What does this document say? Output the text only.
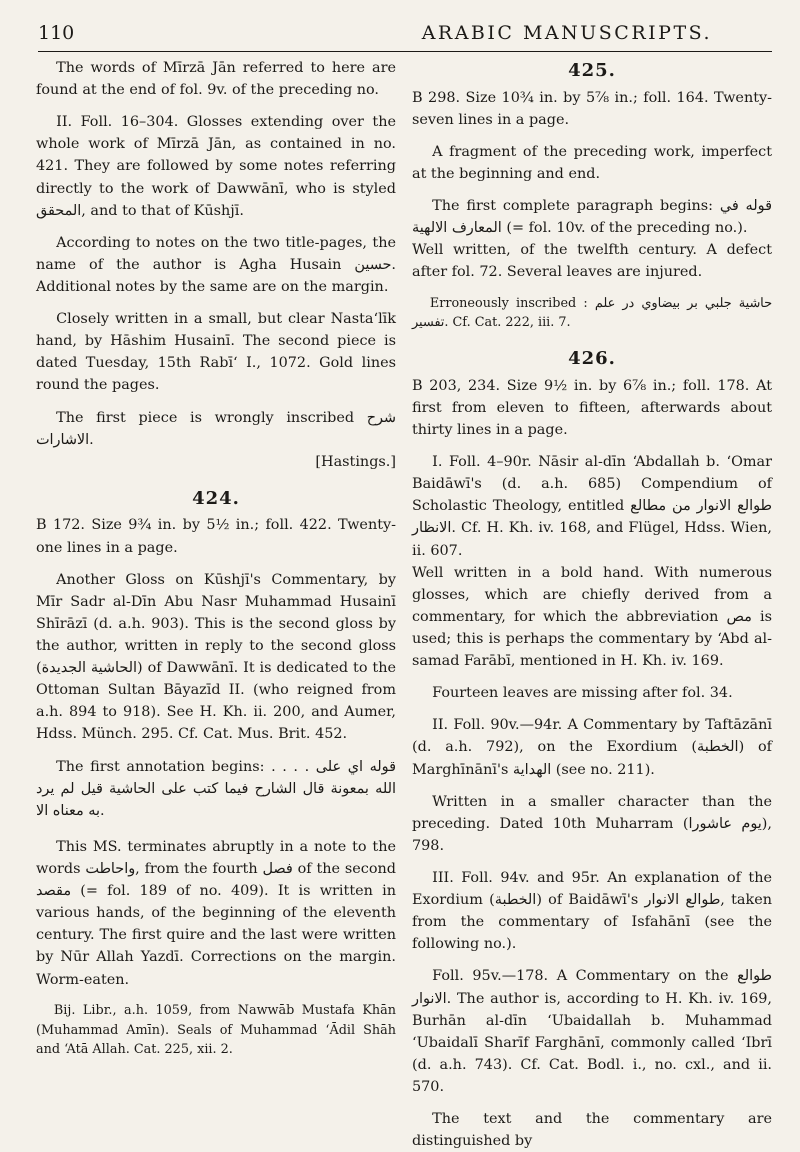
110	ARABIC MANUSCRIPTS.

The words of Mīrzā Jān referred to here are found at the end of fol. 9v. of the preceding no.

II. Foll. 16–304. Glosses extending over the whole work of Mīrzā Jān, as contained in no. 421. They are followed by some notes referring directly to the work of Dawwānī, who is styled المحقق, and to that of Kūshjī.

According to notes on the two title-pages, the name of the author is Agha Husain حسين. Additional notes by the same are on the margin.

Closely written in a small, but clear Nasta‘līk hand, by Hāshim Husainī. The second piece is dated Tuesday, 15th Rabī‘ I., 1072. Gold lines round the pages.

The first piece is wrongly inscribed شرح الاشارات.

[Hastings.]

424.

B 172. Size 9¾ in. by 5½ in.; foll. 422. Twenty-one lines in a page.

Another Gloss on Kūshjī's Commentary, by Mīr Sadr al-Dīn Abu Nasr Muhammad Husainī Shīrāzī (d. a.h. 903). This is the second gloss by the author, written in reply to the second gloss (الحاشية الجديدة) of Dawwānī. It is dedicated to the Ottoman Sultan Bāyazīd II. (who reigned from a.h. 894 to 918). See H. Kh. ii. 200, and Aumer, Hdss. Münch. 295. Cf. Cat. Mus. Brit. 452.

The first annotation begins: . . . . قوله اي على الله بمعونة قال الشارح فيما كتب على الحاشية قيل لم يرد به معناه الا.

This MS. terminates abruptly in a note to the words واحاطت, from the fourth فصل of the second مقصد (= fol. 189 of no. 409). It is written in various hands, of the beginning of the eleventh century. The first quire and the last were written by Nūr Allah Yazdī. Corrections on the margin. Worm-eaten.

Bij. Libr., a.h. 1059, from Nawwāb Mustafa Khān (Muhammad Amīn). Seals of Muhammad ‘Ādil Shāh and ‘Atā Allah. Cat. 225, xii. 2.

425.

B 298. Size 10¾ in. by 5⅞ in.; foll. 164. Twenty-seven lines in a page.

A fragment of the preceding work, imperfect at the beginning and end.

The first complete paragraph begins: قوله في المعارف الالهية (= fol. 10v. of the preceding no.).

Well written, of the twelfth century. A defect after fol. 72. Several leaves are injured.

Erroneously inscribed : حاشية جلبي بر بيضاوي در علم تفسير. Cf. Cat. 222, iii. 7.

426.

B 203, 234. Size 9½ in. by 6⅞ in.; foll. 178. At first from eleven to fifteen, afterwards about thirty lines in a page.

I. Foll. 4–90r. Nāsir al-dīn ‘Abdallah b. ‘Omar Baidāwī's (d. a.h. 685) Compendium of Scholastic Theology, entitled طوالع الانوار من مطالع الانظار. Cf. H. Kh. iv. 168, and Flügel, Hdss. Wien, ii. 607.

Well written in a bold hand. With numerous glosses, which are chiefly derived from a commentary, for which the abbreviation مص is used; this is perhaps the commentary by ‘Abd al-samad Farābī, mentioned in H. Kh. iv. 169.

Fourteen leaves are missing after fol. 34.

II. Foll. 90v.—94r. A Commentary by Taftāzānī (d. a.h. 792), on the Exordium (الخطبة) of Marghīnānī's الهداية (see no. 211).

Written in a smaller character than the preceding. Dated 10th Muharram (يوم عاشورا), 798.

III. Foll. 94v. and 95r. An explanation of the Exordium (الخطبة) of Baidāwī's طوالع الانوار, taken from the commentary of Isfahānī (see the following no.).

Foll. 95v.—178. A Commentary on the طوالع الانوار. The author is, according to H. Kh. iv. 169, Burhān al-dīn ‘Ubaidallah b. Muhammad ‘Ubaidalī Sharīf Farghānī, commonly called ‘Ibrī (d. a.h. 743). Cf. Cat. Bodl. i., no. cxl., and ii. 570.

The text and the commentary are distinguished by
